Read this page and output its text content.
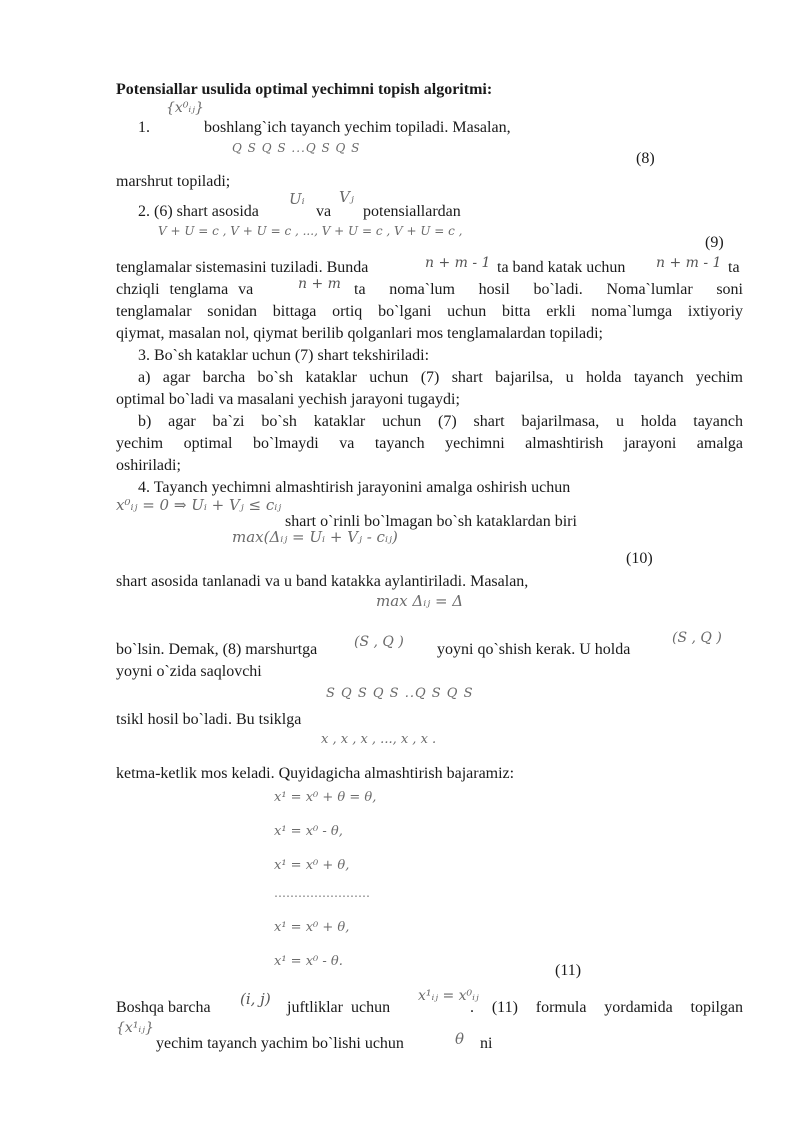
Potensiallar usulida optimal yechimni topish algoritmi:
1.
{x⁰ᵢⱼ}
boshlang`ich tayanch yechim topiladi. Masalan,
Q S Q S ...Q S Q S
(8)
marshrut topiladi;
2. (6) shart asosida
Uᵢ
va
Vⱼ
potensiallardan
V + U = c , V + U = c , ..., V + U = c , V + U = c ,
(9)
tenglamalar sistemasini tuziladi. Bunda	n + m - 1 ta band katak uchun n + m - 1 ta
chziqli tenglama va	n + m ta noma`lum hosil bo`ladi. Noma`lumlar soni
tenglamalar sonidan bittaga ortiq bo`lgani uchun bitta erkli noma`lumga ixtiyoriy
qiymat, masalan nol, qiymat berilib qolganlari mos tenglamalardan topiladi;
3. Bo`sh kataklar uchun (7) shart tekshiriladi:
a) agar barcha bo`sh kataklar uchun (7) shart bajarilsa, u holda tayanch yechim
optimal bo`ladi va masalani yechish jarayoni tugaydi;
b) agar ba`zi bo`sh kataklar uchun (7) shart bajarilmasa, u holda tayanch
yechim optimal bo`lmaydi va tayanch yechimni almashtirish jarayoni amalga
oshiriladi;
4. Tayanch yechimni almashtirish jarayonini amalga oshirish uchun
x⁰ᵢⱼ = 0 ⇒ Uᵢ + Vⱼ ≤ cᵢⱼ
shart o`rinli bo`lmagan bo`sh kataklardan biri
max(Δᵢⱼ = Uᵢ + Vⱼ - cᵢⱼ)
(10)
shart asosida tanlanadi va u band katakka aylantiriladi. Masalan,
max Δᵢⱼ = Δ
bo`lsin. Demak, (8) marshurtga	(S , Q ) yoyni qo`shish kerak. U holda
(S , Q )
yoyni o`zida saqlovchi
S Q S Q S ..Q S Q S
tsikl hosil bo`ladi. Bu tsiklga
x , x , x , ..., x , x .
ketma-ketlik mos keladi. Quyidagicha almashtirish bajaramiz:
x¹ = x⁰ + θ = θ,
x¹ = x⁰ - θ,
x¹ = x⁰ + θ,
……………………
x¹ = x⁰ + θ,
x¹ = x⁰ - θ.
(11)
Boshqa barcha (i, j) juftliklar uchun
x¹ᵢⱼ = x⁰ᵢⱼ
. (11) formula yordamida topilgan
{x¹ᵢⱼ}
yechim tayanch yachim bo`lishi uchun	θ ni
